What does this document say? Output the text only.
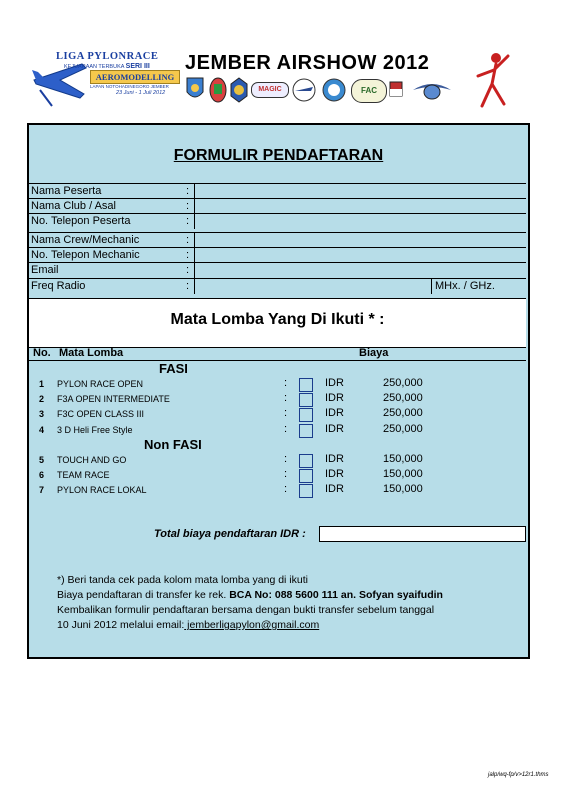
LIGA PYLONRACE
KEJUARAAN TERBUKA SERI III
AEROMODELLING
LAPAN NOTOHADINEGORO JEMBER
23 Juni - 1 Juli 2012
JEMBER AIRSHOW 2012
MAGIC	FAC
FORMULIR PENDAFTARAN
Nama Peserta	:
Nama Club / Asal	:
No. Telepon Peserta	:
Nama Crew/Mechanic	:
No. Telepon Mechanic	:
Email	:
Freq Radio	:	MHx. / GHz.
Mata Lomba Yang Di Ikuti * :
No. Mata Lomba	Biaya
FASI
1 PYLON RACE OPEN	:	IDR	250,000
2 F3A OPEN INTERMEDIATE	:	IDR	250,000
3 F3C OPEN CLASS III	:	IDR	250,000
4 3 D Heli Free Style	:	IDR	250,000
Non FASI
5 TOUCH AND GO	:	IDR	150,000
6 TEAM RACE	:	IDR	150,000
7 PYLON RACE LOKAL	:	IDR	150,000
Total biaya pendaftaran IDR :
*) Beri tanda cek pada kolom mata lomba yang di ikuti
Biaya pendaftaran di transfer ke rek. BCA No: 088 5600 111 an. Sofyan syaifudin
Kembalikan formulir pendaftaran bersama dengan bukti transfer sebelum tanggal
10 Juni 2012 melalui email: jemberligapylon@gmail.com
jalp/wq-fp/v>12r1.thms
